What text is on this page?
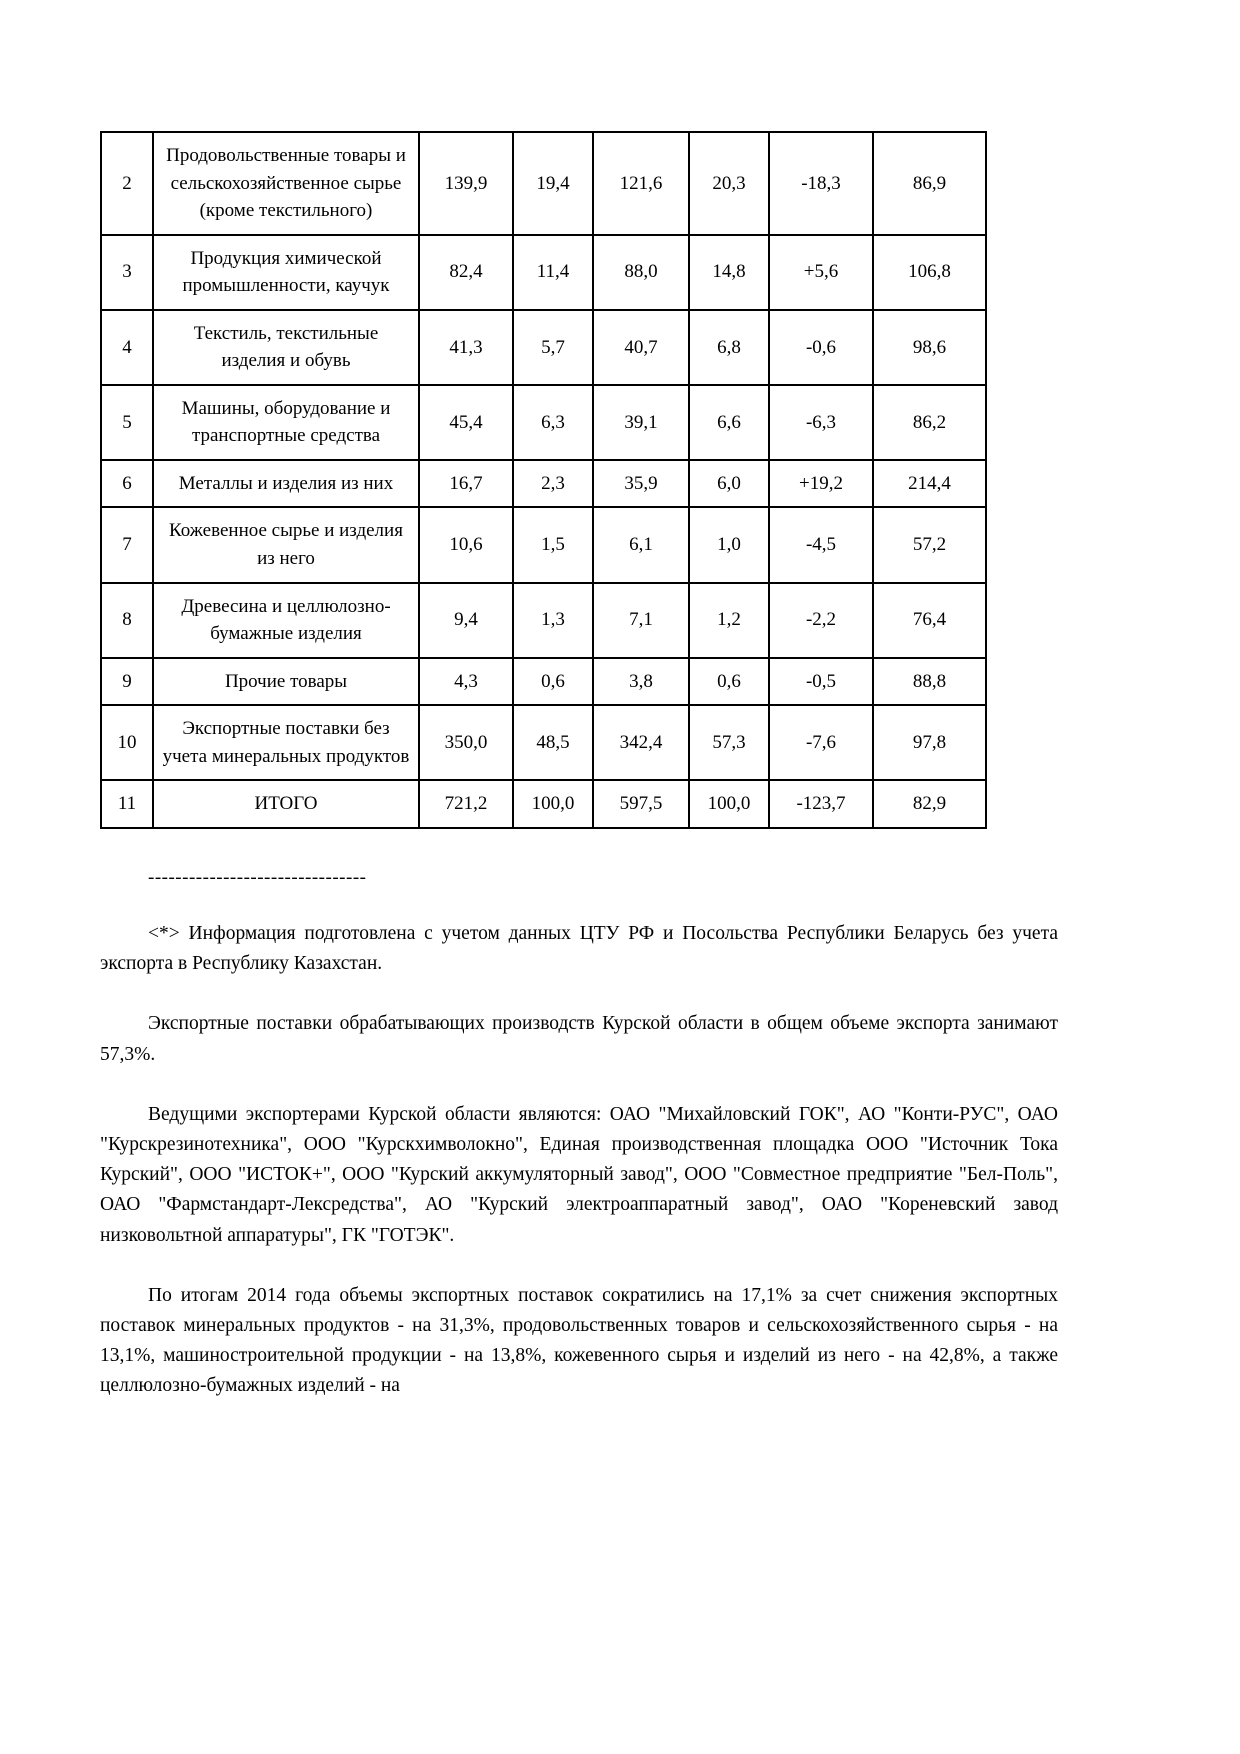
2	Продовольственные товары и сельскохозяйственное сырье (кроме текстильного)	139,9	19,4	121,6	20,3	-18,3	86,9
3	Продукция химической промышленности, каучук	82,4	11,4	88,0	14,8	+5,6	106,8
4	Текстиль, текстильные изделия и обувь	41,3	5,7	40,7	6,8	-0,6	98,6
5	Машины, оборудование и транспортные средства	45,4	6,3	39,1	6,6	-6,3	86,2
6	Металлы и изделия из них	16,7	2,3	35,9	6,0	+19,2	214,4
7	Кожевенное сырье и изделия из него	10,6	1,5	6,1	1,0	-4,5	57,2
8	Древесина и целлюлозно-бумажные изделия	9,4	1,3	7,1	1,2	-2,2	76,4
9	Прочие товары	4,3	0,6	3,8	0,6	-0,5	88,8
10	Экспортные поставки без учета минеральных продуктов	350,0	48,5	342,4	57,3	-7,6	97,8
11	ИТОГО	721,2	100,0	597,5	100,0	-123,7	82,9
--------------------------------

<*> Информация подготовлена с учетом данных ЦТУ РФ и Посольства Республики Беларусь без учета экспорта в Республику Казахстан.

Экспортные поставки обрабатывающих производств Курской области в общем объеме экспорта занимают 57,3%.

Ведущими экспортерами Курской области являются: ОАО "Михайловский ГОК", АО "Конти-РУС", ОАО "Курскрезинотехника", ООО "Курскхимволокно", Единая производственная площадка ООО "Источник Тока Курский", ООО "ИСТОК+", ООО "Курский аккумуляторный завод", ООО "Совместное предприятие "Бел-Поль", ОАО "Фармстандарт-Лексредства", АО "Курский электроаппаратный завод", ОАО "Кореневский завод низковольтной аппаратуры", ГК "ГОТЭК".

По итогам 2014 года объемы экспортных поставок сократились на 17,1% за счет снижения экспортных поставок минеральных продуктов - на 31,3%, продовольственных товаров и сельскохозяйственного сырья - на 13,1%, машиностроительной продукции - на 13,8%, кожевенного сырья и изделий из него - на 42,8%, а также целлюлозно-бумажных изделий - на
